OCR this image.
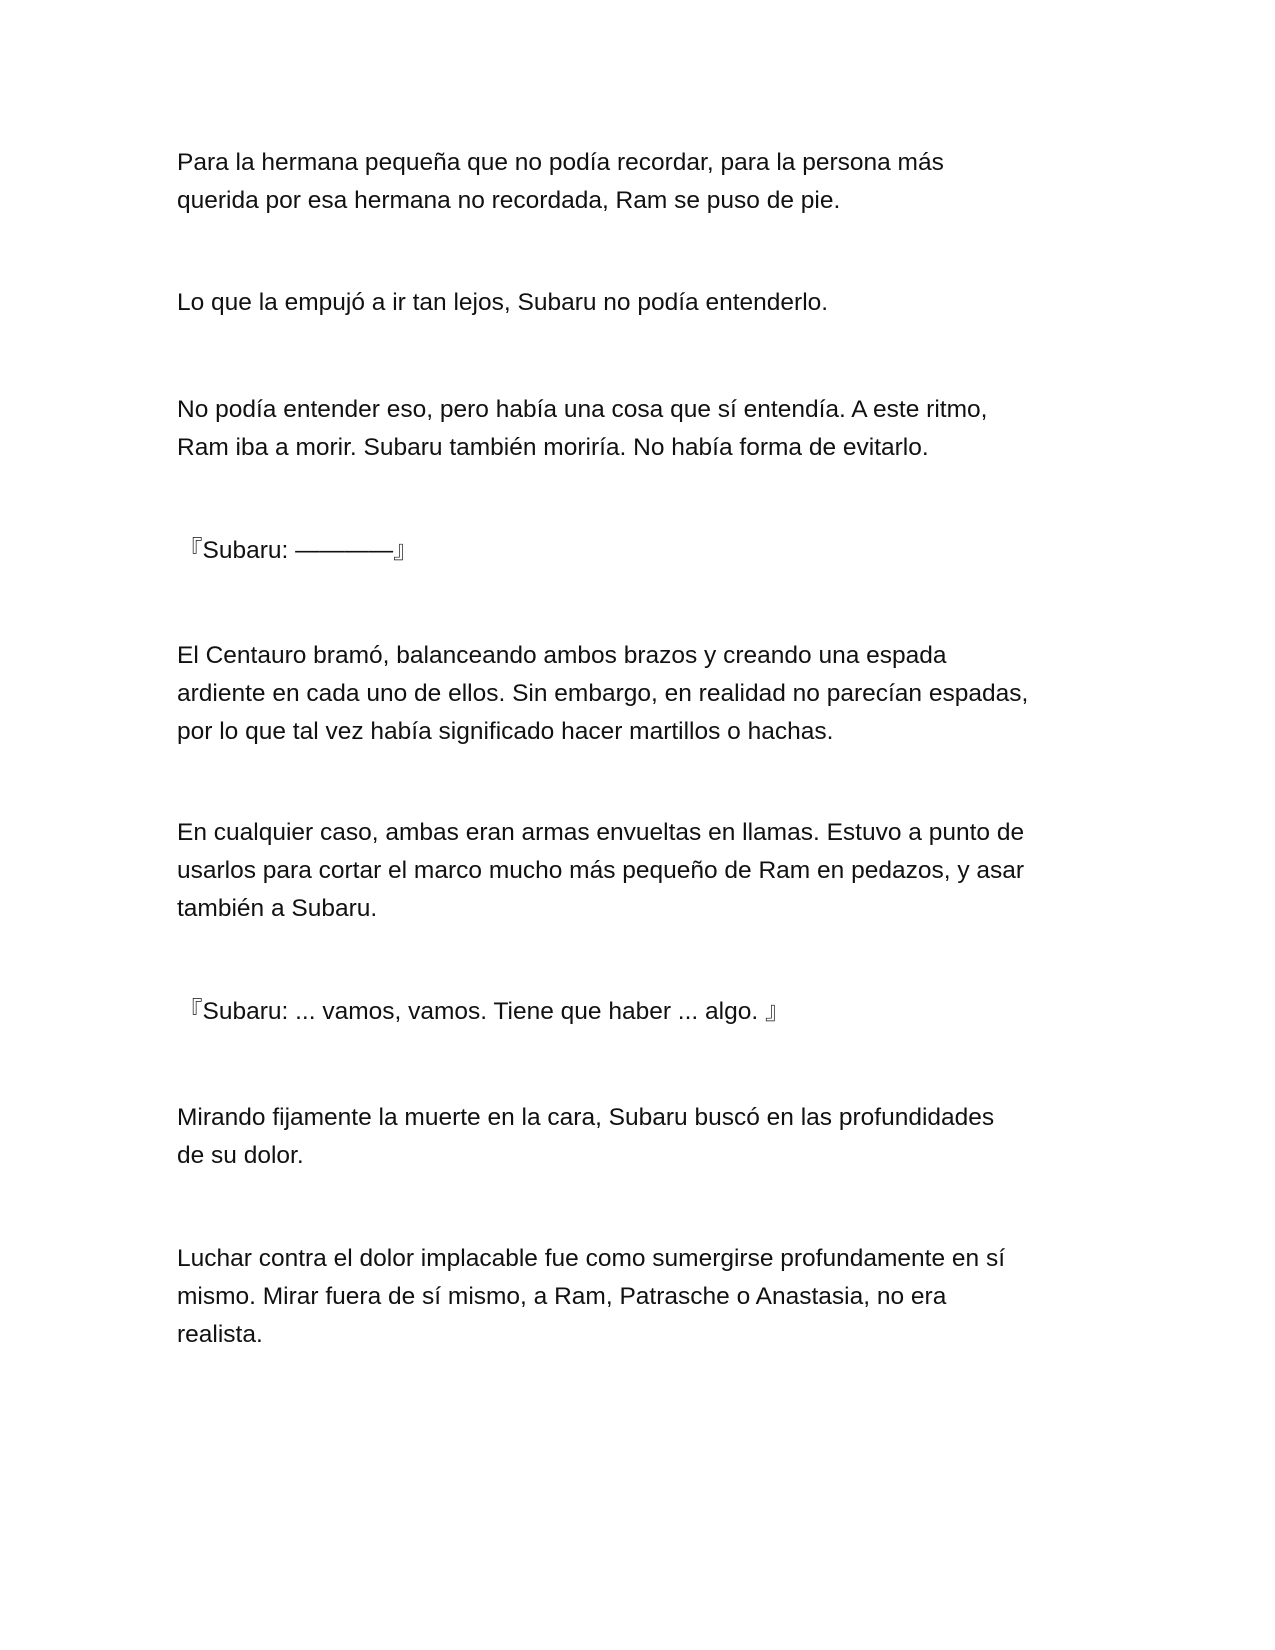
Para la hermana pequeña que no podía recordar, para la persona más
querida por esa hermana no recordada, Ram se puso de pie.

Lo que la empujó a ir tan lejos, Subaru no podía entenderlo.

No podía entender eso, pero había una cosa que sí entendía. A este ritmo,
Ram iba a morir. Subaru también moriría. No había forma de evitarlo.

『Subaru: ————』

El Centauro bramó, balanceando ambos brazos y creando una espada
ardiente en cada uno de ellos. Sin embargo, en realidad no parecían espadas,
por lo que tal vez había significado hacer martillos o hachas.

En cualquier caso, ambas eran armas envueltas en llamas. Estuvo a punto de
usarlos para cortar el marco mucho más pequeño de Ram en pedazos, y asar
también a Subaru.

『Subaru: ... vamos, vamos. Tiene que haber ... algo. 』

Mirando fijamente la muerte en la cara, Subaru buscó en las profundidades
de su dolor.

Luchar contra el dolor implacable fue como sumergirse profundamente en sí
mismo. Mirar fuera de sí mismo, a Ram, Patrasche o Anastasia, no era
realista.
